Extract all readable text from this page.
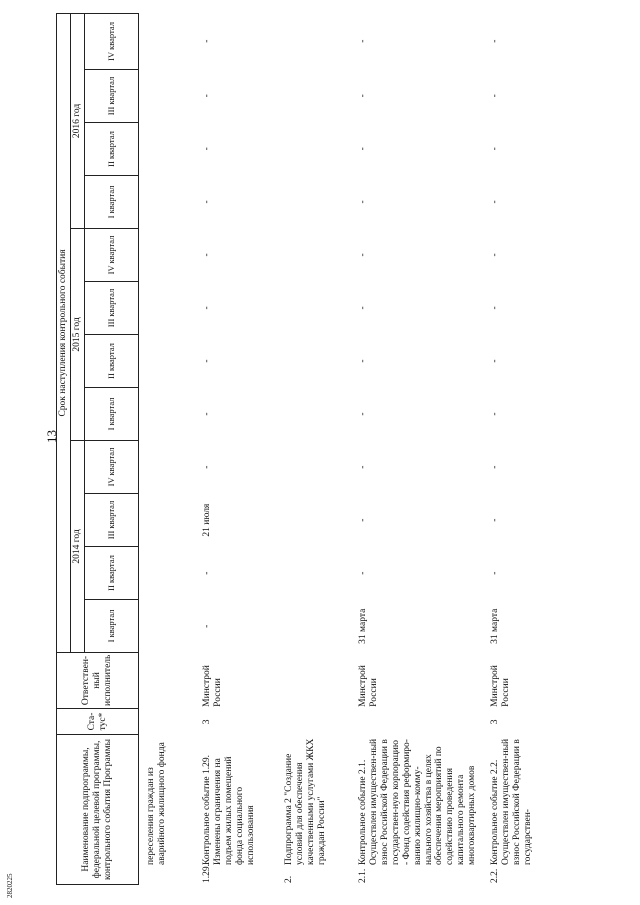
13
2820225
Наименование подпрограммы, федеральной целевой программы, контрольного события Программы	Ста-тус*	Ответствен-ный исполнитель	Срок наступления контрольного события											
			2014 год				2015 год				2016 год			
			I квартал	II квартал	III квартал	IV квартал	I квартал	II квартал	III квартал	IV квартал	I квартал	II квартал	III квартал	IV квартал
	переселения граждан из аварийного жилищного фонда														
1.29.	Контрольное событие 1.29. Изменены ограничения на подъем жилых помещений фонда социального использования	3	Минстрой России	-	-	21 июля	-	-	-	-	-	-	-	-	-
2.	Подпрограмма 2 "Создание условий для обеспечения качественными услугами ЖКХ граждан России"														
2.1.	Контрольное событие 2.1. Осуществлен имуществен-ный взнос Российской Федерации в государствен-ную корпорацию - Фонд содействия реформиро-ванию жилищно-комму-нального хозяйства в целях обеспечения мероприятий по содействию проведения капитального ремонта многоквартирных домов		Минстрой России	31 марта	-	-	-	-	-	-	-	-	-	-	-
2.2.	Контрольное событие 2.2. Осуществлен имуществен-ный взнос Российской Федерации в государствен-	3	Минстрой России	31 марта	-	-	-	-	-	-	-	-	-	-	-
